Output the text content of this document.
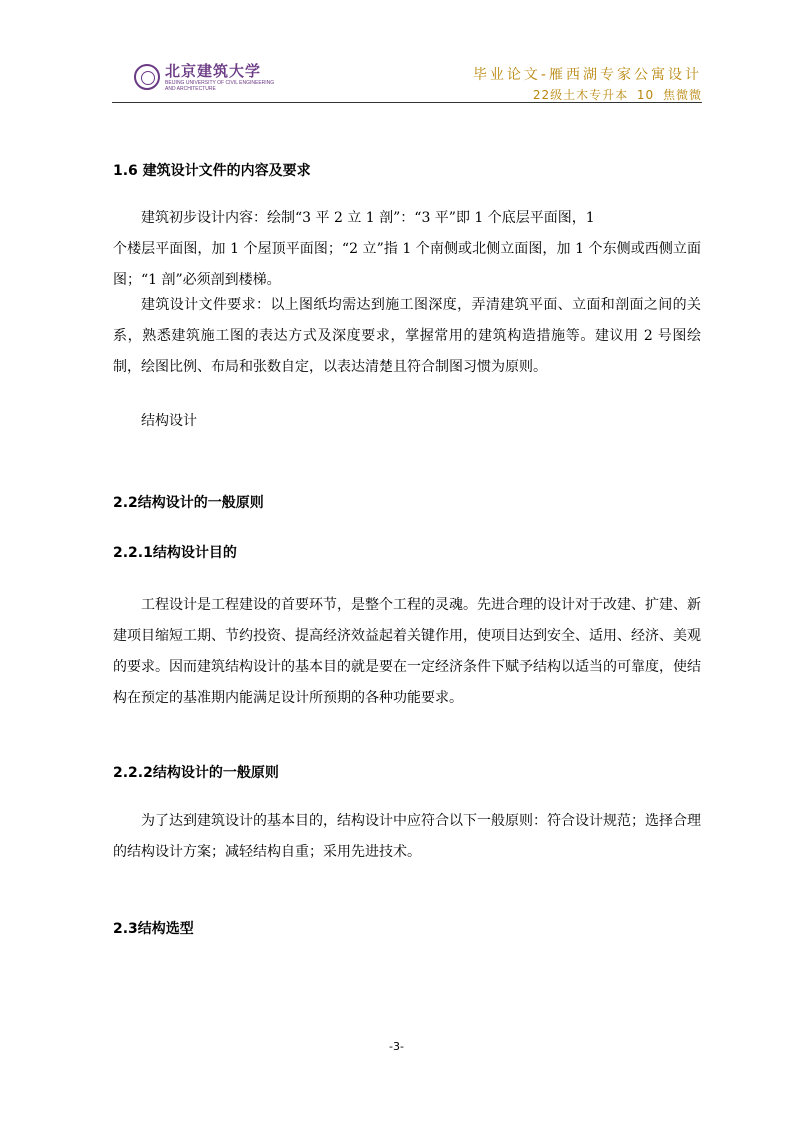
北京建筑大学
BEIJING UNIVERSITY OF CIVIL ENGINEERING AND ARCHITECTURE
毕业论文-雁西湖专家公寓设计
22级土木专升本 10 焦微微
1.6 建筑设计文件的内容及要求

建筑初步设计内容：绘制“3 平 2 立 1 剖”：“3 平”即 1 个底层平面图，1

个楼层平面图，加 1 个屋顶平面图；“2 立”指 1 个南侧或北侧立面图，加 1 个东侧或西侧立面图；“1 剖”必须剖到楼梯。

建筑设计文件要求：以上图纸均需达到施工图深度，弄清建筑平面、立面和剖面之间的关系，熟悉建筑施工图的表达方式及深度要求，掌握常用的建筑构造措施等。建议用 2 号图绘制，绘图比例、布局和张数自定，以表达清楚且符合制图习惯为原则。

结构设计

2.2结构设计的一般原则
2.2.1结构设计目的

工程设计是工程建设的首要环节，是整个工程的灵魂。先进合理的设计对于改建、扩建、新建项目缩短工期、节约投资、提高经济效益起着关键作用，使项目达到安全、适用、经济、美观的要求。因而建筑结构设计的基本目的就是要在一定经济条件下赋予结构以适当的可靠度，使结构在预定的基准期内能满足设计所预期的各种功能要求。

2.2.2结构设计的一般原则

为了达到建筑设计的基本目的，结构设计中应符合以下一般原则：符合设计规范；选择合理的结构设计方案；减轻结构自重；采用先进技术。

2.3结构选型
-3-
